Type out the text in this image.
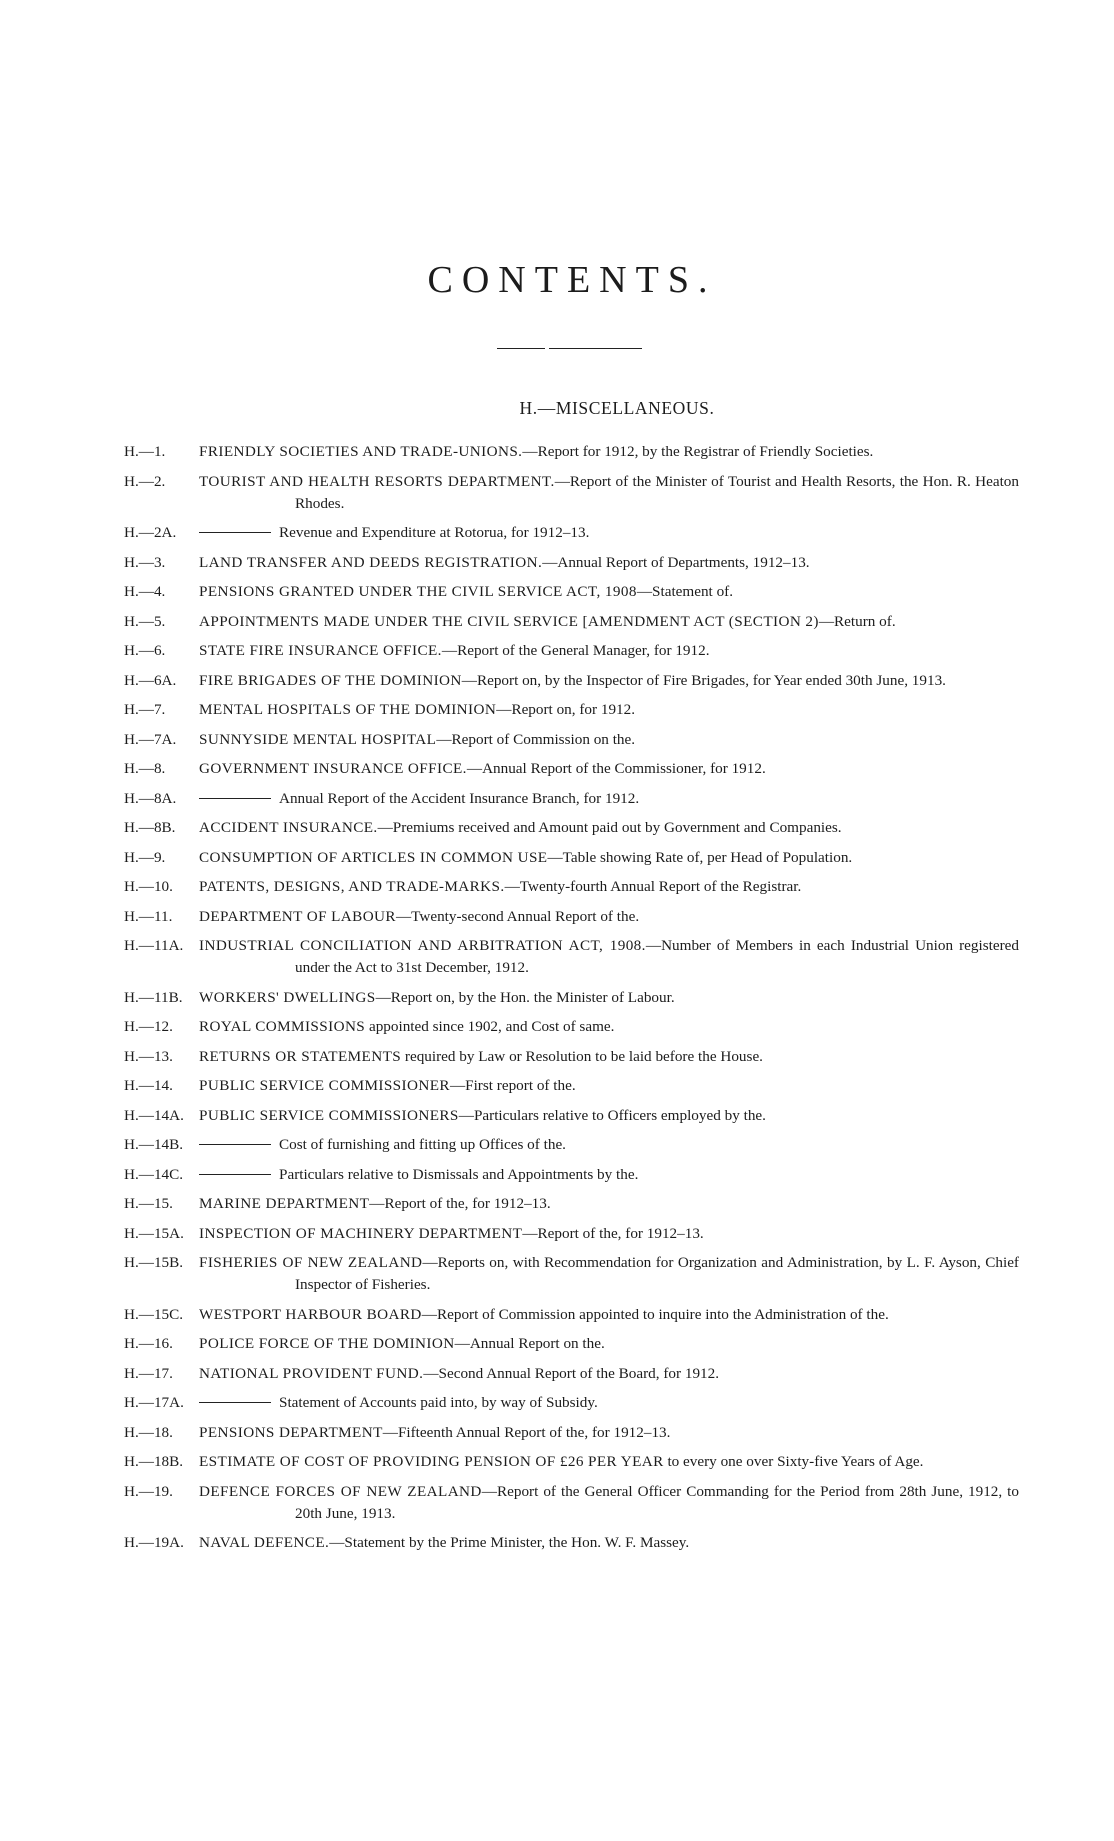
CONTENTS.
H.—MISCELLANEOUS.
H.—1.	FRIENDLY SOCIETIES AND TRADE-UNIONS.—Report for 1912, by the Registrar of Friendly Societies.
H.—2.	TOURIST AND HEALTH RESORTS DEPARTMENT.—Report of the Minister of Tourist and Health Resorts, the Hon. R. Heaton Rhodes.
H.—2A.	Revenue and Expenditure at Rotorua, for 1912–13.
H.—3.	LAND TRANSFER AND DEEDS REGISTRATION.—Annual Report of Departments, 1912–13.
H.—4.	PENSIONS GRANTED UNDER THE CIVIL SERVICE ACT, 1908—Statement of.
H.—5.	APPOINTMENTS MADE UNDER THE CIVIL SERVICE [AMENDMENT ACT (SECTION 2)—Return of.
H.—6.	STATE FIRE INSURANCE OFFICE.—Report of the General Manager, for 1912.
H.—6A.	FIRE BRIGADES OF THE DOMINION—Report on, by the Inspector of Fire Brigades, for Year ended 30th June, 1913.
H.—7.	MENTAL HOSPITALS OF THE DOMINION—Report on, for 1912.
H.—7A.	SUNNYSIDE MENTAL HOSPITAL—Report of Commission on the.
H.—8.	GOVERNMENT INSURANCE OFFICE.—Annual Report of the Commissioner, for 1912.
H.—8A.	Annual Report of the Accident Insurance Branch, for 1912.
H.—8B.	ACCIDENT INSURANCE.—Premiums received and Amount paid out by Government and Companies.
H.—9.	CONSUMPTION OF ARTICLES IN COMMON USE—Table showing Rate of, per Head of Population.
H.—10.	PATENTS, DESIGNS, AND TRADE-MARKS.—Twenty-fourth Annual Report of the Registrar.
H.—11.	DEPARTMENT OF LABOUR—Twenty-second Annual Report of the.
H.—11A.	INDUSTRIAL CONCILIATION AND ARBITRATION ACT, 1908.—Number of Members in each Industrial Union registered under the Act to 31st December, 1912.
H.—11B.	WORKERS' DWELLINGS—Report on, by the Hon. the Minister of Labour.
H.—12.	ROYAL COMMISSIONS appointed since 1902, and Cost of same.
H.—13.	RETURNS OR STATEMENTS required by Law or Resolution to be laid before the House.
H.—14.	PUBLIC SERVICE COMMISSIONER—First report of the.
H.—14A. PUBLIC SERVICE COMMISSIONERS—Particulars relative to Officers employed by the.
H.—14B.	Cost of furnishing and fitting up Offices of the.
H.—14C.	Particulars relative to Dismissals and Appointments by the.
H.—15.	MARINE DEPARTMENT—Report of the, for 1912–13.
H.—15A. INSPECTION OF MACHINERY DEPARTMENT—Report of the, for 1912–13.
H.—15B.	FISHERIES OF NEW ZEALAND—Reports on, with Recommendation for Organization and Administration, by L. F. Ayson, Chief Inspector of Fisheries.
H.—15C.	WESTPORT HARBOUR BOARD—Report of Commission appointed to inquire into the Administration of the.
H.—16.	POLICE FORCE OF THE DOMINION—Annual Report on the.
H.—17.	NATIONAL PROVIDENT FUND.—Second Annual Report of the Board, for 1912.
H.—17A.	Statement of Accounts paid into, by way of Subsidy.
H.—18.	PENSIONS DEPARTMENT—Fifteenth Annual Report of the, for 1912–13.
H.—18B.	ESTIMATE OF COST OF PROVIDING PENSION OF £26 PER YEAR to every one over Sixty-five Years of Age.
H.—19.	DEFENCE FORCES OF NEW ZEALAND—Report of the General Officer Commanding for the Period from 28th June, 1912, to 20th June, 1913.
H.—19A. NAVAL DEFENCE.—Statement by the Prime Minister, the Hon. W. F. Massey.
